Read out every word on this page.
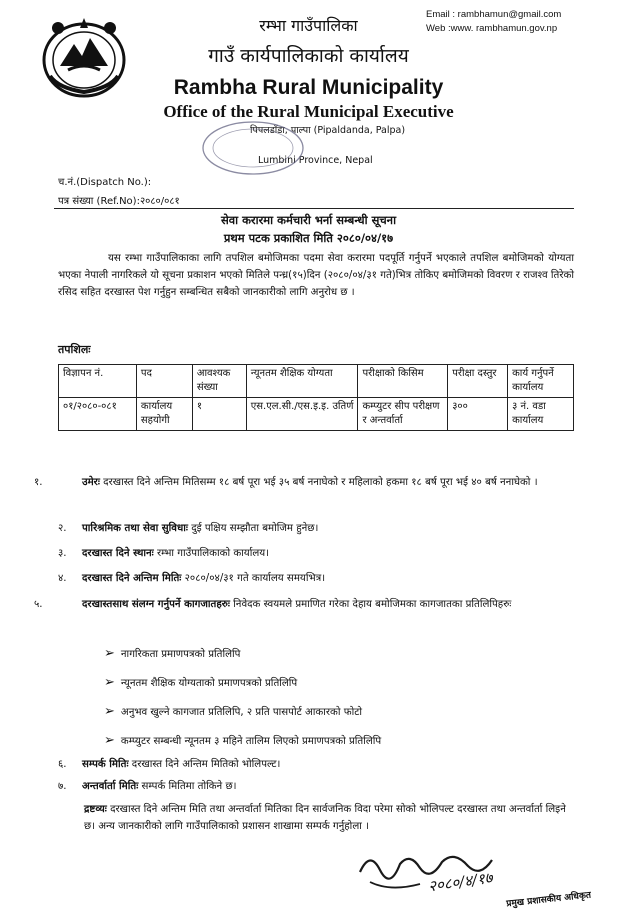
Email : rambhamun@gmail.com
Web :www. rambhamun.gov.np
रम्भा गाउँपालिका
गाउँ कार्यपालिकाको कार्यालय
Rambha Rural Municipality
Office of the Rural Municipal Executive
पिपलडाँडा, पाल्पा (Pipaldanda, Palpa)
Lumbini Province, Nepal
च.नं.(Dispatch No.):
पत्र संख्या (Ref.No):२०८०/०८१
सेवा करारमा कर्मचारी भर्ना सम्बन्धी सूचना
प्रथम पटक प्रकाशित मिति २०८०/०४/१७
यस रम्भा गाउँपालिकाका लागि तपशिल बमोजिमका पदमा सेवा करारमा पदपूर्ति गर्नुपर्ने भएकाले तपशिल बमोजिमको योग्यता भएका नेपाली नागरिकले यो सूचना प्रकाशन भएको मितिले पन्ध्र(१५)दिन (२०८०/०४/३१ गते)भित्र तोकिए बमोजिमको विवरण र राजश्व तिरेको रसिद सहित दरखास्त पेश गर्नुहुन सम्बन्धित सबैको जानकारीको लागि अनुरोध छ ।
तपशिलः
विज्ञापन नं.	पद	आवश्यक संख्या	न्यूनतम शैक्षिक योग्यता	परीक्षाको किसिम	परीक्षा दस्तुर	कार्य गर्नुपर्ने कार्यालय
०१/२०८०-०८१	कार्यालय सहयोगी	१	एस.एल.सी./एस.इ.इ. उतिर्ण	कम्प्युटर सीप परीक्षण र अन्तर्वार्ता	३००	३ नं. वडा कार्यालय
१.	उमेरः दरखास्त दिने अन्तिम मितिसम्म १८ बर्ष पूरा भई ३५ बर्ष ननाघेको र महिलाको हकमा १८ बर्ष पूरा भई ४० बर्ष ननाघेको ।
२. पारिश्रमिक तथा सेवा सुविधाः दुई पक्षिय सम्झौता बमोजिम हुनेछ।
३. दरखास्त दिने स्थानः रम्भा गाउँपालिकाको कार्यालय।
४. दरखास्त दिने अन्तिम मितिः २०८०/०४/३१ गते कार्यालय समयभित्र।
५.	दरखास्तसाथ संलग्न गर्नुपर्ने कागजातहरुः निवेदक स्वयमले प्रमाणित गरेका देहाय बमोजिमका कागजातका प्रतिलिपिहरुः
➢ नागरिकता प्रमाणपत्रको प्रतिलिपि
➢ न्यूनतम शैक्षिक योग्यताको प्रमाणपत्रको प्रतिलिपि
➢ अनुभव खुल्ने कागजात प्रतिलिपि, २ प्रति पासपोर्ट आकारको फोटो
➢ कम्प्युटर सम्बन्धी न्यूनतम ३ महिने तालिम लिएको प्रमाणपत्रको प्रतिलिपि
६. सम्पर्क मितिः दरखास्त दिने अन्तिम मितिको भोलिपल्ट।
७. अन्तर्वार्ता मितिः सम्पर्क मितिमा तोकिने छ।
द्रष्टव्यः दरखास्त दिने अन्तिम मिति तथा अन्तर्वार्ता मितिका दिन सार्वजनिक विदा परेमा सोको भोलिपल्ट दरखास्त तथा अन्तर्वार्ता लिइने छ। अन्य जानकारीको लागि गाउँपालिकाको प्रशासन शाखामा सम्पर्क गर्नुहोला ।
२०८०/४/१७
प्रमुख प्रशासकीय अधिकृत
